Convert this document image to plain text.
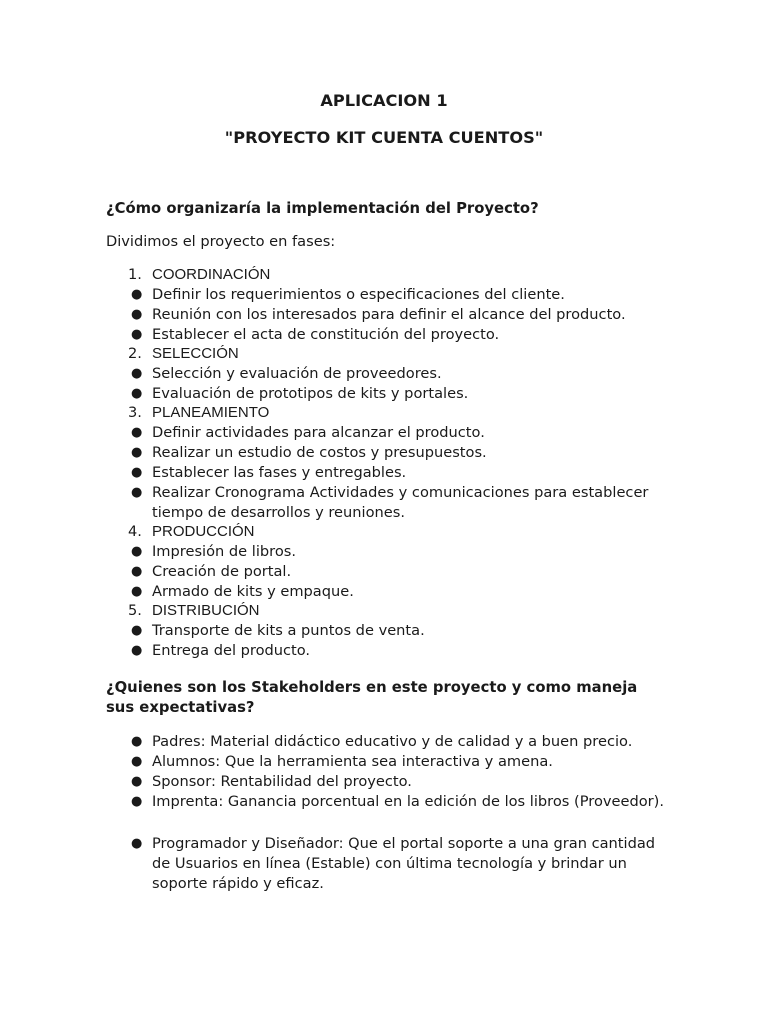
APLICACION 1
"PROYECTO KIT CUENTA CUENTOS"
¿Cómo organizaría la implementación del Proyecto?
Dividimos el proyecto en fases:
1. COORDINACIÓN
● Definir los requerimientos o especificaciones del cliente.
● Reunión con los interesados para definir el alcance del producto.
● Establecer el acta de constitución del proyecto.
2. SELECCIÓN
● Selección y evaluación de proveedores.
● Evaluación de prototipos de kits y portales.
3. PLANEAMIENTO
● Definir actividades para alcanzar el producto.
● Realizar un estudio de costos y presupuestos.
● Establecer las fases y entregables.
● Realizar Cronograma Actividades y comunicaciones para establecer tiempo de desarrollos y reuniones.
4. PRODUCCIÓN
● Impresión de libros.
● Creación de portal.
● Armado de kits y empaque.
5. DISTRIBUCIÓN
● Transporte de kits a puntos de venta.
● Entrega del producto.
¿Quienes son los Stakeholders en este proyecto y como maneja sus expectativas?
● Padres: Material didáctico educativo y de calidad y a buen precio.
● Alumnos: Que la herramienta sea interactiva y amena.
● Sponsor: Rentabilidad del proyecto.
● Imprenta: Ganancia porcentual en la edición de los libros (Proveedor).
● Programador y Diseñador: Que el portal soporte a una gran cantidad de Usuarios en línea (Estable) con última tecnología y brindar un soporte rápido y eficaz.
